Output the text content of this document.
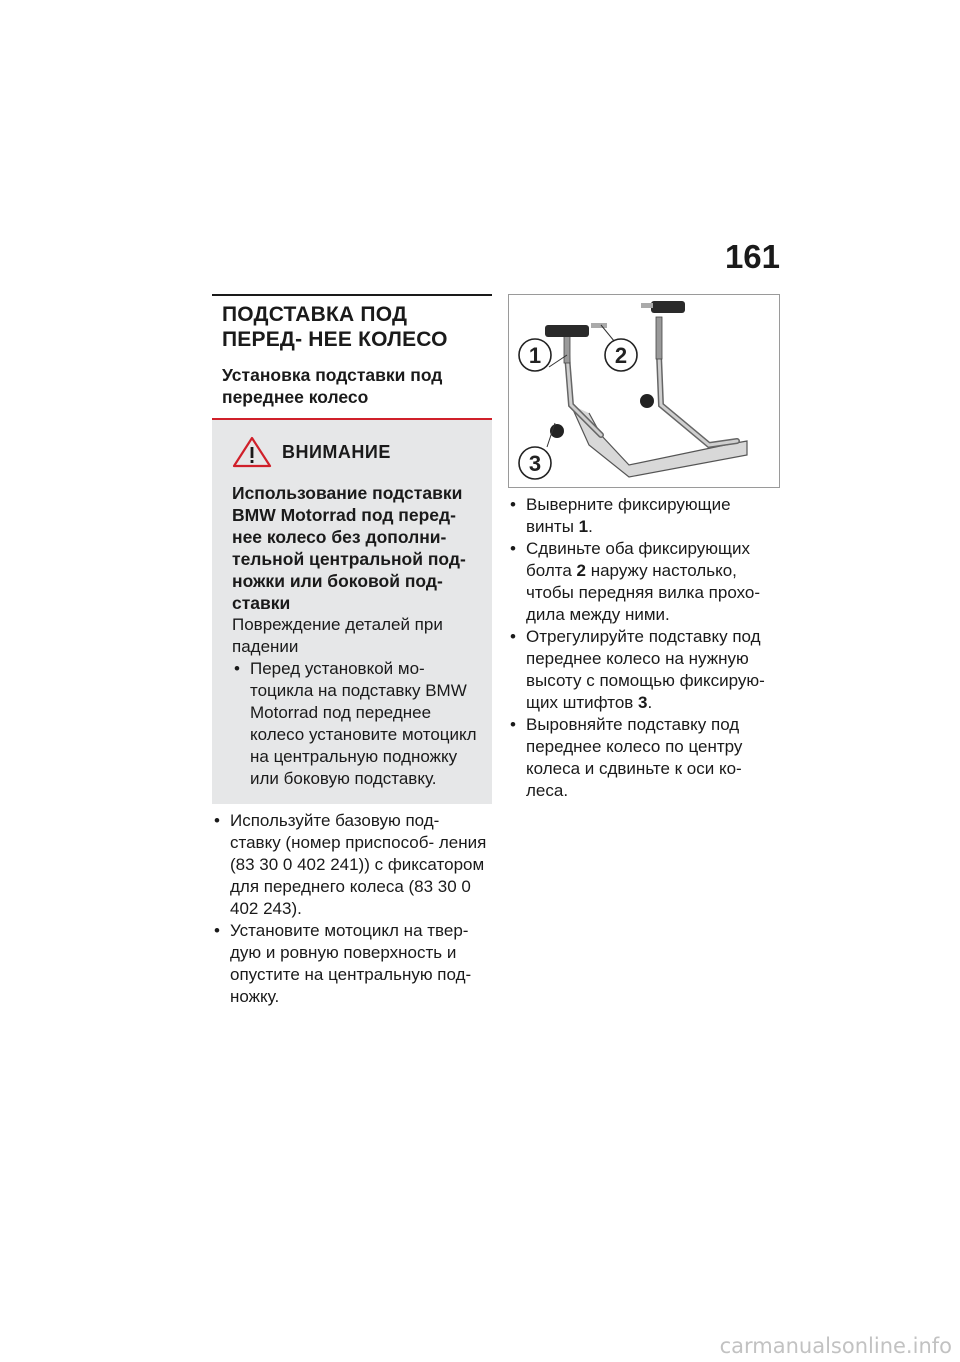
161
ПОДСТАВКА ПОД ПЕРЕД- НЕЕ КОЛЕСО
Установка подставки под переднее колесо
ВНИМАНИЕ
Использование подставки BMW Motorrad под перед- нее колесо без дополни- тельной центральной под- ножки или боковой под- ставки
Повреждение деталей при падении
• Перед установкой мо- тоцикла на подставку BMW Motorrad под переднее колесо установите мотоцикл на центральную подножку или боковую подставку.
• Используйте базовую под- ставку (номер приспособ- ления (83 30 0 402 241)) с фиксатором для переднего колеса (83 30 0 402 243).
• Установите мотоцикл на твер- дую и ровную поверхность и опустите на центральную под- ножку.
1	2
3
• Выверните фиксирующие винты 1.
• Сдвиньте оба фиксирующих болта 2 наружу настолько, чтобы передняя вилка прохо- дила между ними.
• Отрегулируйте подставку под переднее колесо на нужную высоту с помощью фиксирую- щих штифтов 3.
• Выровняйте подставку под переднее колесо по центру колеса и сдвиньте к оси ко- леса.
carmanualsonline.info
